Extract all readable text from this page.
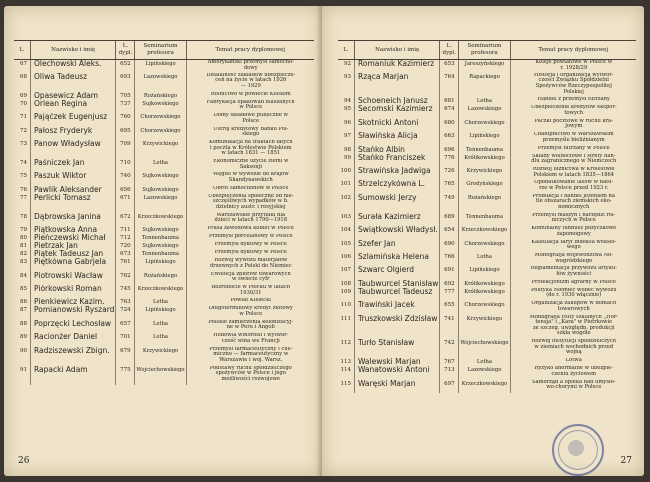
L.	Nazwisko i imię	L. dypl.	Seminarium profesora	Temat pracy dyplomowej
67	Olechowski Aleks.	652	Lipińskiego	Amerykański przemysł samocho-
dowy

68	Oliwa Tadeusz	693	Lazowskiego	Działalność zakładów ubezpiecze-
ceń na życie w latach 1926
— 1929

69	Opasewicz Adam	705	Rożańskiego	Rolnictwo w powiecie Kolskim

70	Orlean Regina	737	Sujkowskiego	Fabrykacja opakowań blaszanych
w Polsce

71	Pająćzek Eugenjusz	760	Chorzewskiego	Domy składowe publiczne w
Polsce

72	Pałosz Fryderyk	695	Chorzewskiego	Ustrój kredytowy Banku Pol-
skiego

73	Panow Władysław	709	Krzywickiego	Komunikacja na traktach łatych
i poczta w Królestwie Polskiem
w latach 1831 — 1851

74	Paśniczek Jan	710	Lotha	Ekonomiczne użycie ziemi w
Saksonji

75	Paszuk Wiktor	740	Sujkowskiego	Węgiel w wywozie do krajów
Skandynawskich

76	Pawlik Aleksander	656	Sujkowskiego	Obrót samochodów w Polsce

77	Perlicki Tomasz	671	Lazowskiego	Ubezpieczenia społeczne od nie-
szczęśliwych wypadków w b.
dzielnicy austr. i rosyjskiej

78	Dąbrowska Janina	672	Krzeczkowskiego	Warszawskie przytułki dla
dzieci w latach 1790—1918

79	Piątkowska Anna	711	Sujkowskiego	Prasa zawodowa kobiet w Polsce

80	Pieńczewski Michał	712	Tennenbauma	Przemysł porcelanowy w Polsce

81	Pietrzak Jan	720	Sujkowskiego	Przemysł dyktowy w Polsce

82	Piątek Tadeusz Jan	673	Tennenbauma	Przemysł dyktowy w Polsce

83	Piętkówna Gabrjela	761	Lipińskiego	Rozwój wywozu materjałów
drzewnych z Polski do Niemiec

84	Piotrowski Wacław	762	Rożańskiego	Ewolucja zbiorów towarowych
w świecie cyfr

85	Piórkowski Roman	745	Krzeczkowskiego	Bezrobocie w Płocku w latach
1930/31

86	Pienkiewicz Kazim.	763	Lotha	Powiat Kielecki

87	Pomianowski Ryszard	724	Lipińskiego	Długoterminowy kredyt złotowy
w Polsce

88	Poprzęcki Lechosław	657	Lotha	Polskie zamierzenia kolonizacyj-
ne w Peru i Angoli

89	Racionżer Daniel	701	Lotha	Hodowla winorośli i wytwór-
czość wina we Francji

90	Radziszewski Zbign.	679	Krzywickiego	Przemysł farmaceutyczny i che-
miczno — farmaceutyczny w
Warszawie i woj. Warsz.

91	Rapacki Adam	775	Wojciechowskiego	Podstawy ruchu spółdzielczego
spożywców w Polsce i jego
możliwości rozwojowe
26
L.	Nazwisko i imię	L. dypl.	Seminarium profesora	Temat pracy dyplomowej
92	Romaniuk Kazimierz	653	Jaroszyńskiego	Koleje powiatowe w Polsce w
r. 1928/29

93	Rząca Marjan	764	Rapackiego	Historja i organizacja wytwór-
czości Związku Spółdzielni
Spożywców Rzeczypospolitej
Polskiej

94	Schoeneich Janusz	681	Lotha	Handel z przemysł futrzany

95	Secomski Kazimierz	674	Lazowskiego	Ubezpieczenie kredytów ekspor-
towych

96	Skotnicki Antoni	680	Chorzewskiego	Paczki pocztowe w ruchu kra-
jowym

97	Sławińska Alicja	663	Lipińskiego	Chałupnictwo w Warszawskim
przemyśle bieliźnianym

98	Stańko Albin	696	Tennenbauma	Przemysł futrzany w Polsce

99	Stańko Franciszek	776	Krółikowskiego	Składy wolnocłowe i strefy han-
dlu zagranicznego w Niemczech

100	Strawińska Jadwiga	726	Krzywickiego	Rozwój lużnictwa w Królestwie
Polskiem w latach 1835—1864

101	Strzelczykówna L.	765	Grodyńskiego	Opodatkowanie lasów w natu-
rze w Polsce przed 1923 r.

102	Sumowski Jerzy	749	Rożańskiego	Produkcja i handel jeżeniem na
tle obszarach ziemskich eko-
nomicznych

103	Surała Kazimierz	689	Tennenbauma	Przemysł maszyn i narzędzi rol-
niczych w Polsce

104	Świątkowski Władysł.	654	Krzeczkowskiego	Komunalny fundusz pożyczkowe
zapomogowy

105	Szefer Jan	690	Chorzewskiego	Kalkulacja taryf indeksa wekslo-
wego

106	Szlamińska Helena	766	Lotha	Monografja województwa No-
wogródzkiego

107	Szwarc Olgierd	691	Lipińskiego	Reglamentacja przywozu artyku-
łów żywności

108	Taubwurcel Stanisław	692	Krółikowskiego	Protekcjonizm agrarny w Polsce

109	Taubwurcel Tadeusz	777	Krółikowskiego	Polityka Niemiec wobec wywozu
(do r. 1930 włącznie)

110	Trawiński Jacek	655	Chorzewskiego	Organizacja zakupów w domach
towarowych

111	Truszkowski Zdzisław	741	Krzywickiego	Monografja Huty szklanych „Hor-
tensja" i „Kara" w Piotrkowie
ze szczeg. uwzględn. produkcji
szkła wogóle

112	Turło Stanisław	742	Wojciechowskiego	Rozwój instytucji spółdzielczych
w ziemiach wschodnich przed
wojną

113	Walewski Marjan	767	Lotha	Lotwa

114	Wanatowski Antoni	713	Lazowskiego	Ryzyko anormalne w ubezpie-
czeniu życiowem

115	Waręski Marjan	697	Krzeczkowskiego	Samorząd a opieka nad umysło-
wo-chorymi w Polsce
27
